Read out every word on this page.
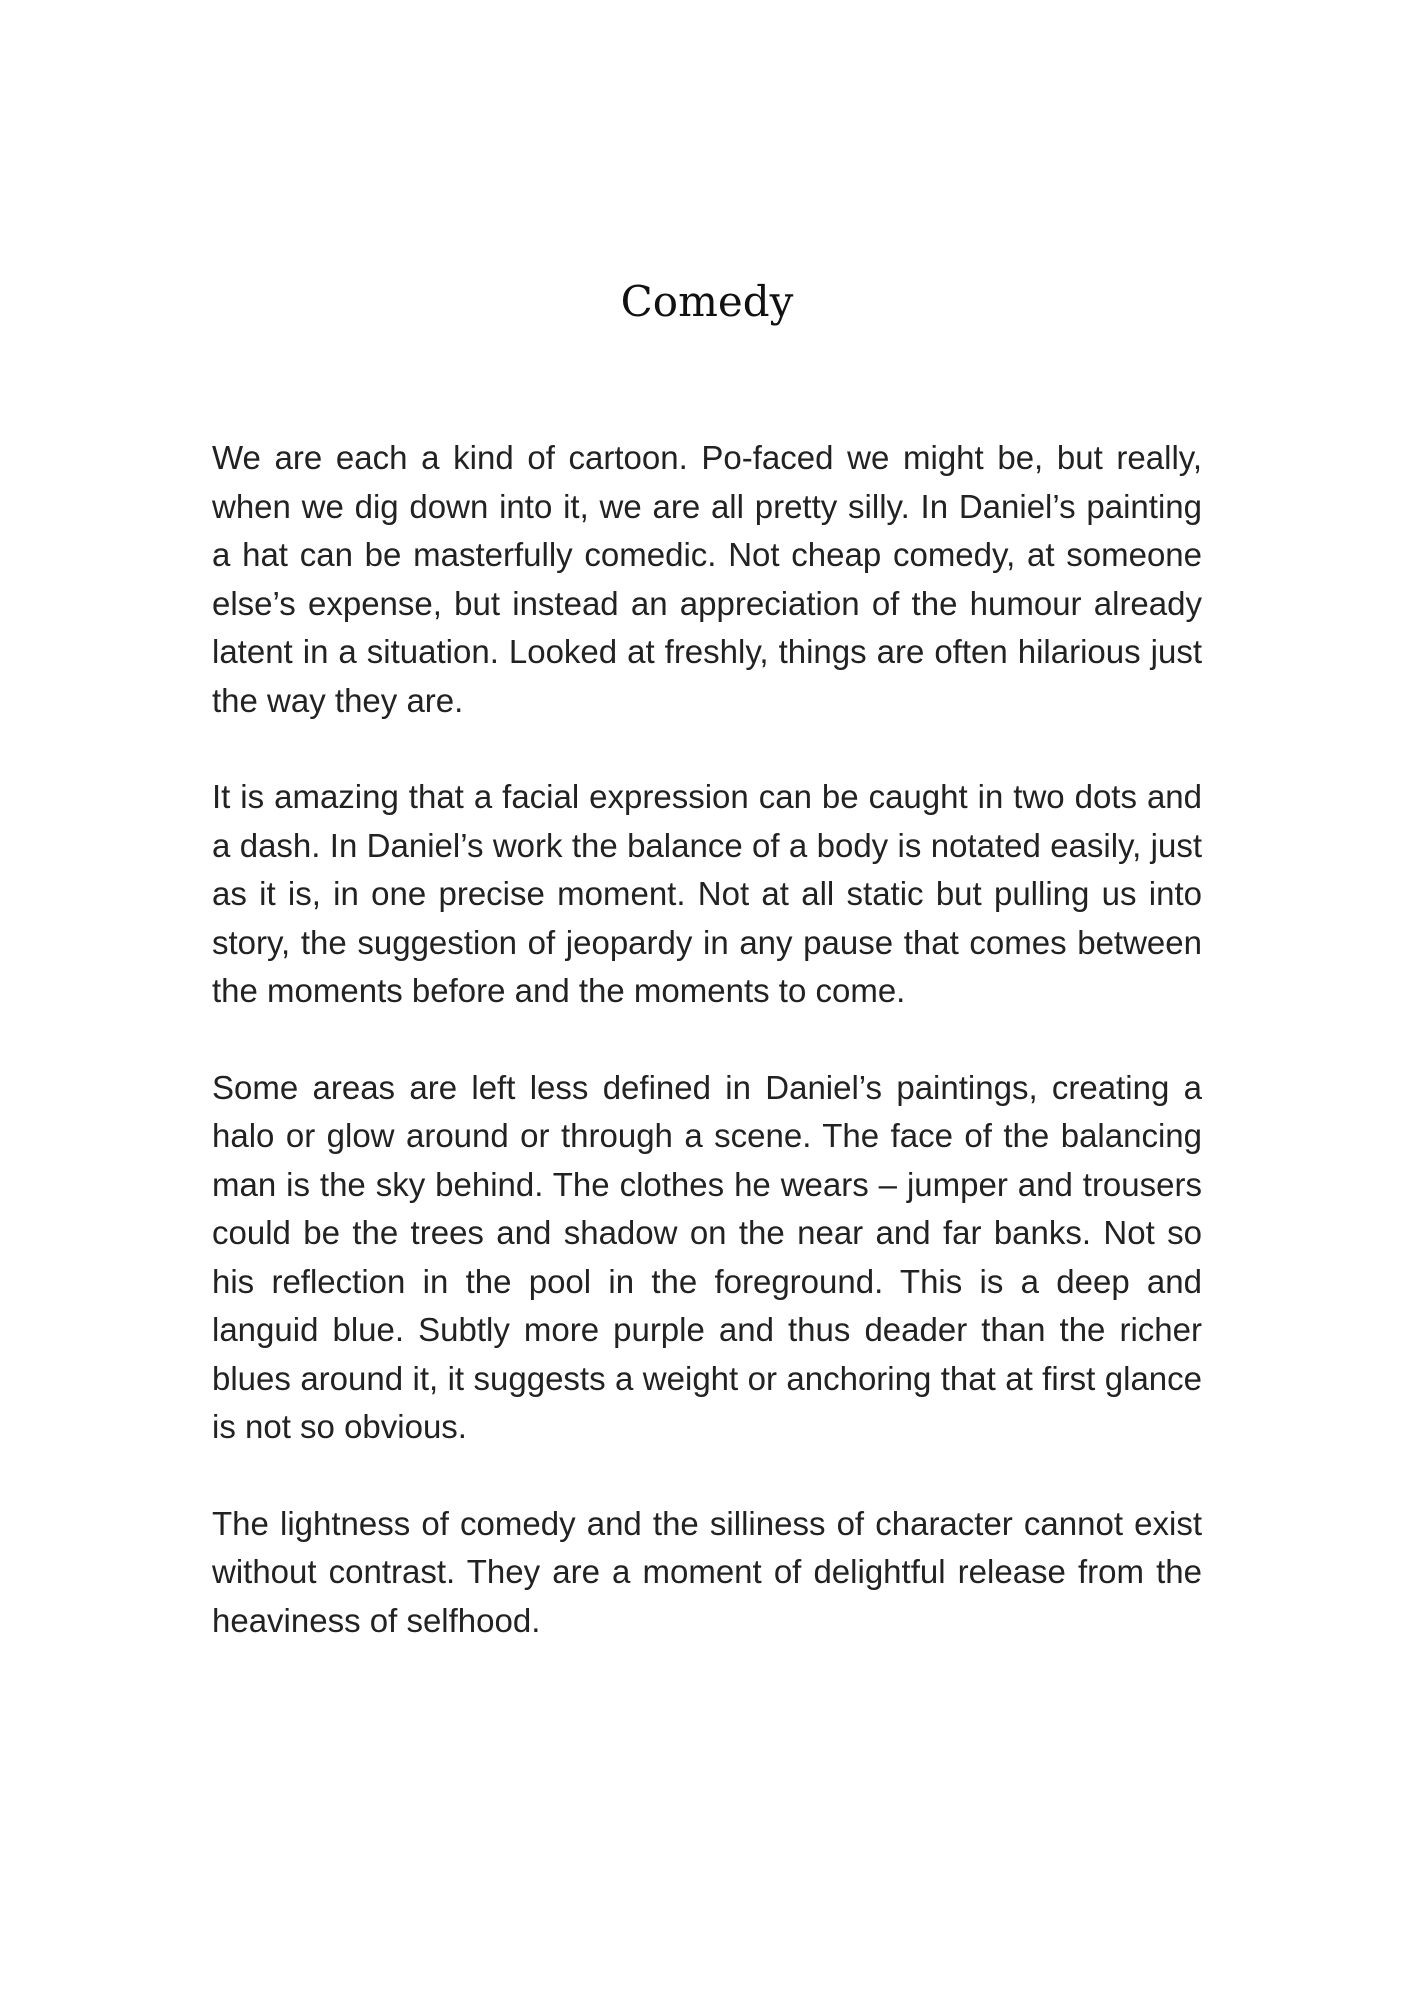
Comedy

We are each a kind of cartoon. Po-faced we might be, but really, when we dig down into it, we are all pretty silly. In Daniel’s painting a hat can be masterfully comedic. Not cheap comedy, at someone else’s expense, but instead an appreciation of the humour already latent in a situation. Looked at freshly, things are often hilarious just the way they are.

It is amazing that a facial expression can be caught in two dots and a dash. In Daniel’s work the balance of a body is notated easily, just as it is, in one precise moment. Not at all static but pulling us into story, the suggestion of jeopardy in any pause that comes between the moments before and the moments to come.

Some areas are left less defined in Daniel’s paintings, creating a halo or glow around or through a scene. The face of the balancing man is the sky behind. The clothes he wears – jumper and trousers could be the trees and shadow on the near and far banks. Not so his reflection in the pool in the foreground. This is a deep and languid blue. Subtly more purple and thus deader than the richer blues around it, it suggests a weight or anchoring that at first glance is not so obvious.

The lightness of comedy and the silliness of character cannot exist without contrast. They are a moment of delightful release from the heaviness of selfhood.
